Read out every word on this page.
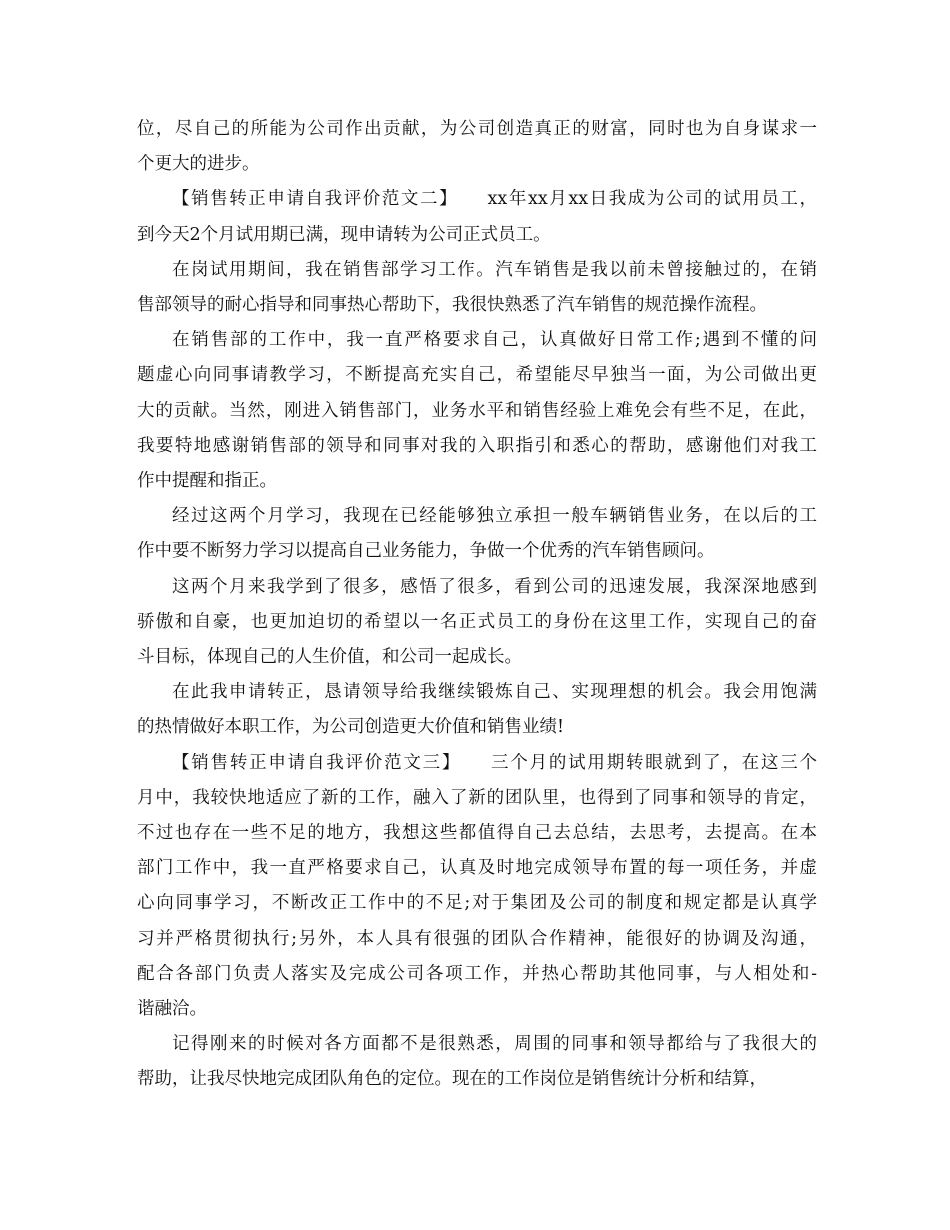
位，尽自己的所能为公司作出贡献，为公司创造真正的财富，同时也为自身谋求一
个更大的进步。
【销售转正申请自我评价范文二】　　xx年xx月xx日我成为公司的试用员工，
到今天2个月试用期已满，现申请转为公司正式员工。
在岗试用期间，我在销售部学习工作。汽车销售是我以前未曾接触过的，在销
售部领导的耐心指导和同事热心帮助下，我很快熟悉了汽车销售的规范操作流程。
在销售部的工作中，我一直严格要求自己，认真做好日常工作;遇到不懂的问
题虚心向同事请教学习，不断提高充实自己，希望能尽早独当一面，为公司做出更
大的贡献。当然，刚进入销售部门，业务水平和销售经验上难免会有些不足，在此，
我要特地感谢销售部的领导和同事对我的入职指引和悉心的帮助，感谢他们对我工
作中提醒和指正。
经过这两个月学习，我现在已经能够独立承担一般车辆销售业务，在以后的工
作中要不断努力学习以提高自己业务能力，争做一个优秀的汽车销售顾问。
这两个月来我学到了很多，感悟了很多，看到公司的迅速发展，我深深地感到
骄傲和自豪，也更加迫切的希望以一名正式员工的身份在这里工作，实现自己的奋
斗目标，体现自己的人生价值，和公司一起成长。
在此我申请转正，恳请领导给我继续锻炼自己、实现理想的机会。我会用饱满
的热情做好本职工作，为公司创造更大价值和销售业绩!
【销售转正申请自我评价范文三】　　三个月的试用期转眼就到了，在这三个
月中，我较快地适应了新的工作，融入了新的团队里，也得到了同事和领导的肯定，
不过也存在一些不足的地方，我想这些都值得自己去总结，去思考，去提高。在本
部门工作中，我一直严格要求自己，认真及时地完成领导布置的每一项任务，并虚
心向同事学习，不断改正工作中的不足;对于集团及公司的制度和规定都是认真学
习并严格贯彻执行;另外，本人具有很强的团队合作精神，能很好的协调及沟通，
配合各部门负责人落实及完成公司各项工作，并热心帮助其他同事，与人相处和-
谐融洽。
记得刚来的时候对各方面都不是很熟悉，周围的同事和领导都给与了我很大的
帮助，让我尽快地完成团队角色的定位。现在的工作岗位是销售统计分析和结算，
